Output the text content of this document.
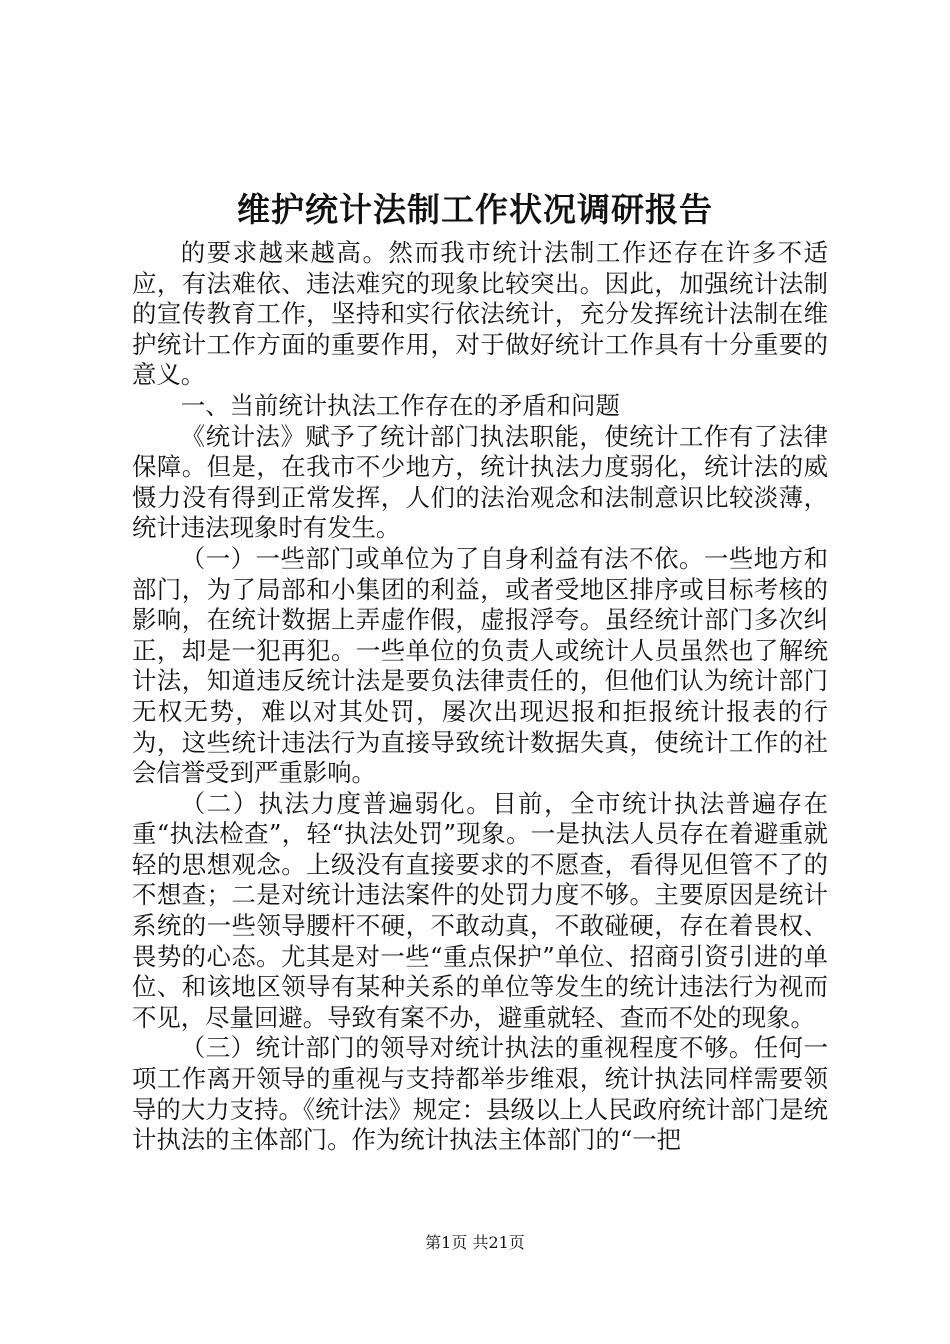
维护统计法制工作状况调研报告

的要求越来越高。然而我市统计法制工作还存在许多不适应，有法难依、违法难究的现象比较突出。因此，加强统计法制的宣传教育工作，坚持和实行依法统计，充分发挥统计法制在维护统计工作方面的重要作用，对于做好统计工作具有十分重要的意义。

一、当前统计执法工作存在的矛盾和问题

《统计法》赋予了统计部门执法职能，使统计工作有了法律保障。但是，在我市不少地方，统计执法力度弱化，统计法的威慑力没有得到正常发挥，人们的法治观念和法制意识比较淡薄，统计违法现象时有发生。

（一）一些部门或单位为了自身利益有法不依。一些地方和部门，为了局部和小集团的利益，或者受地区排序或目标考核的影响，在统计数据上弄虚作假，虚报浮夸。虽经统计部门多次纠正，却是一犯再犯。一些单位的负责人或统计人员虽然也了解统计法，知道违反统计法是要负法律责任的，但他们认为统计部门无权无势，难以对其处罚，屡次出现迟报和拒报统计报表的行为，这些统计违法行为直接导致统计数据失真，使统计工作的社会信誉受到严重影响。

（二）执法力度普遍弱化。目前，全市统计执法普遍存在重“执法检查”，轻“执法处罚”现象。一是执法人员存在着避重就轻的思想观念。上级没有直接要求的不愿查，看得见但管不了的不想查；二是对统计违法案件的处罚力度不够。主要原因是统计系统的一些领导腰杆不硬，不敢动真，不敢碰硬，存在着畏权、畏势的心态。尤其是对一些“重点保护”单位、招商引资引进的单位、和该地区领导有某种关系的单位等发生的统计违法行为视而不见，尽量回避。导致有案不办，避重就轻、查而不处的现象。

（三）统计部门的领导对统计执法的重视程度不够。任何一项工作离开领导的重视与支持都举步维艰，统计执法同样需要领导的大力支持。《统计法》规定：县级以上人民政府统计部门是统计执法的主体部门。作为统计执法主体部门的“一把

第1页 共21页
